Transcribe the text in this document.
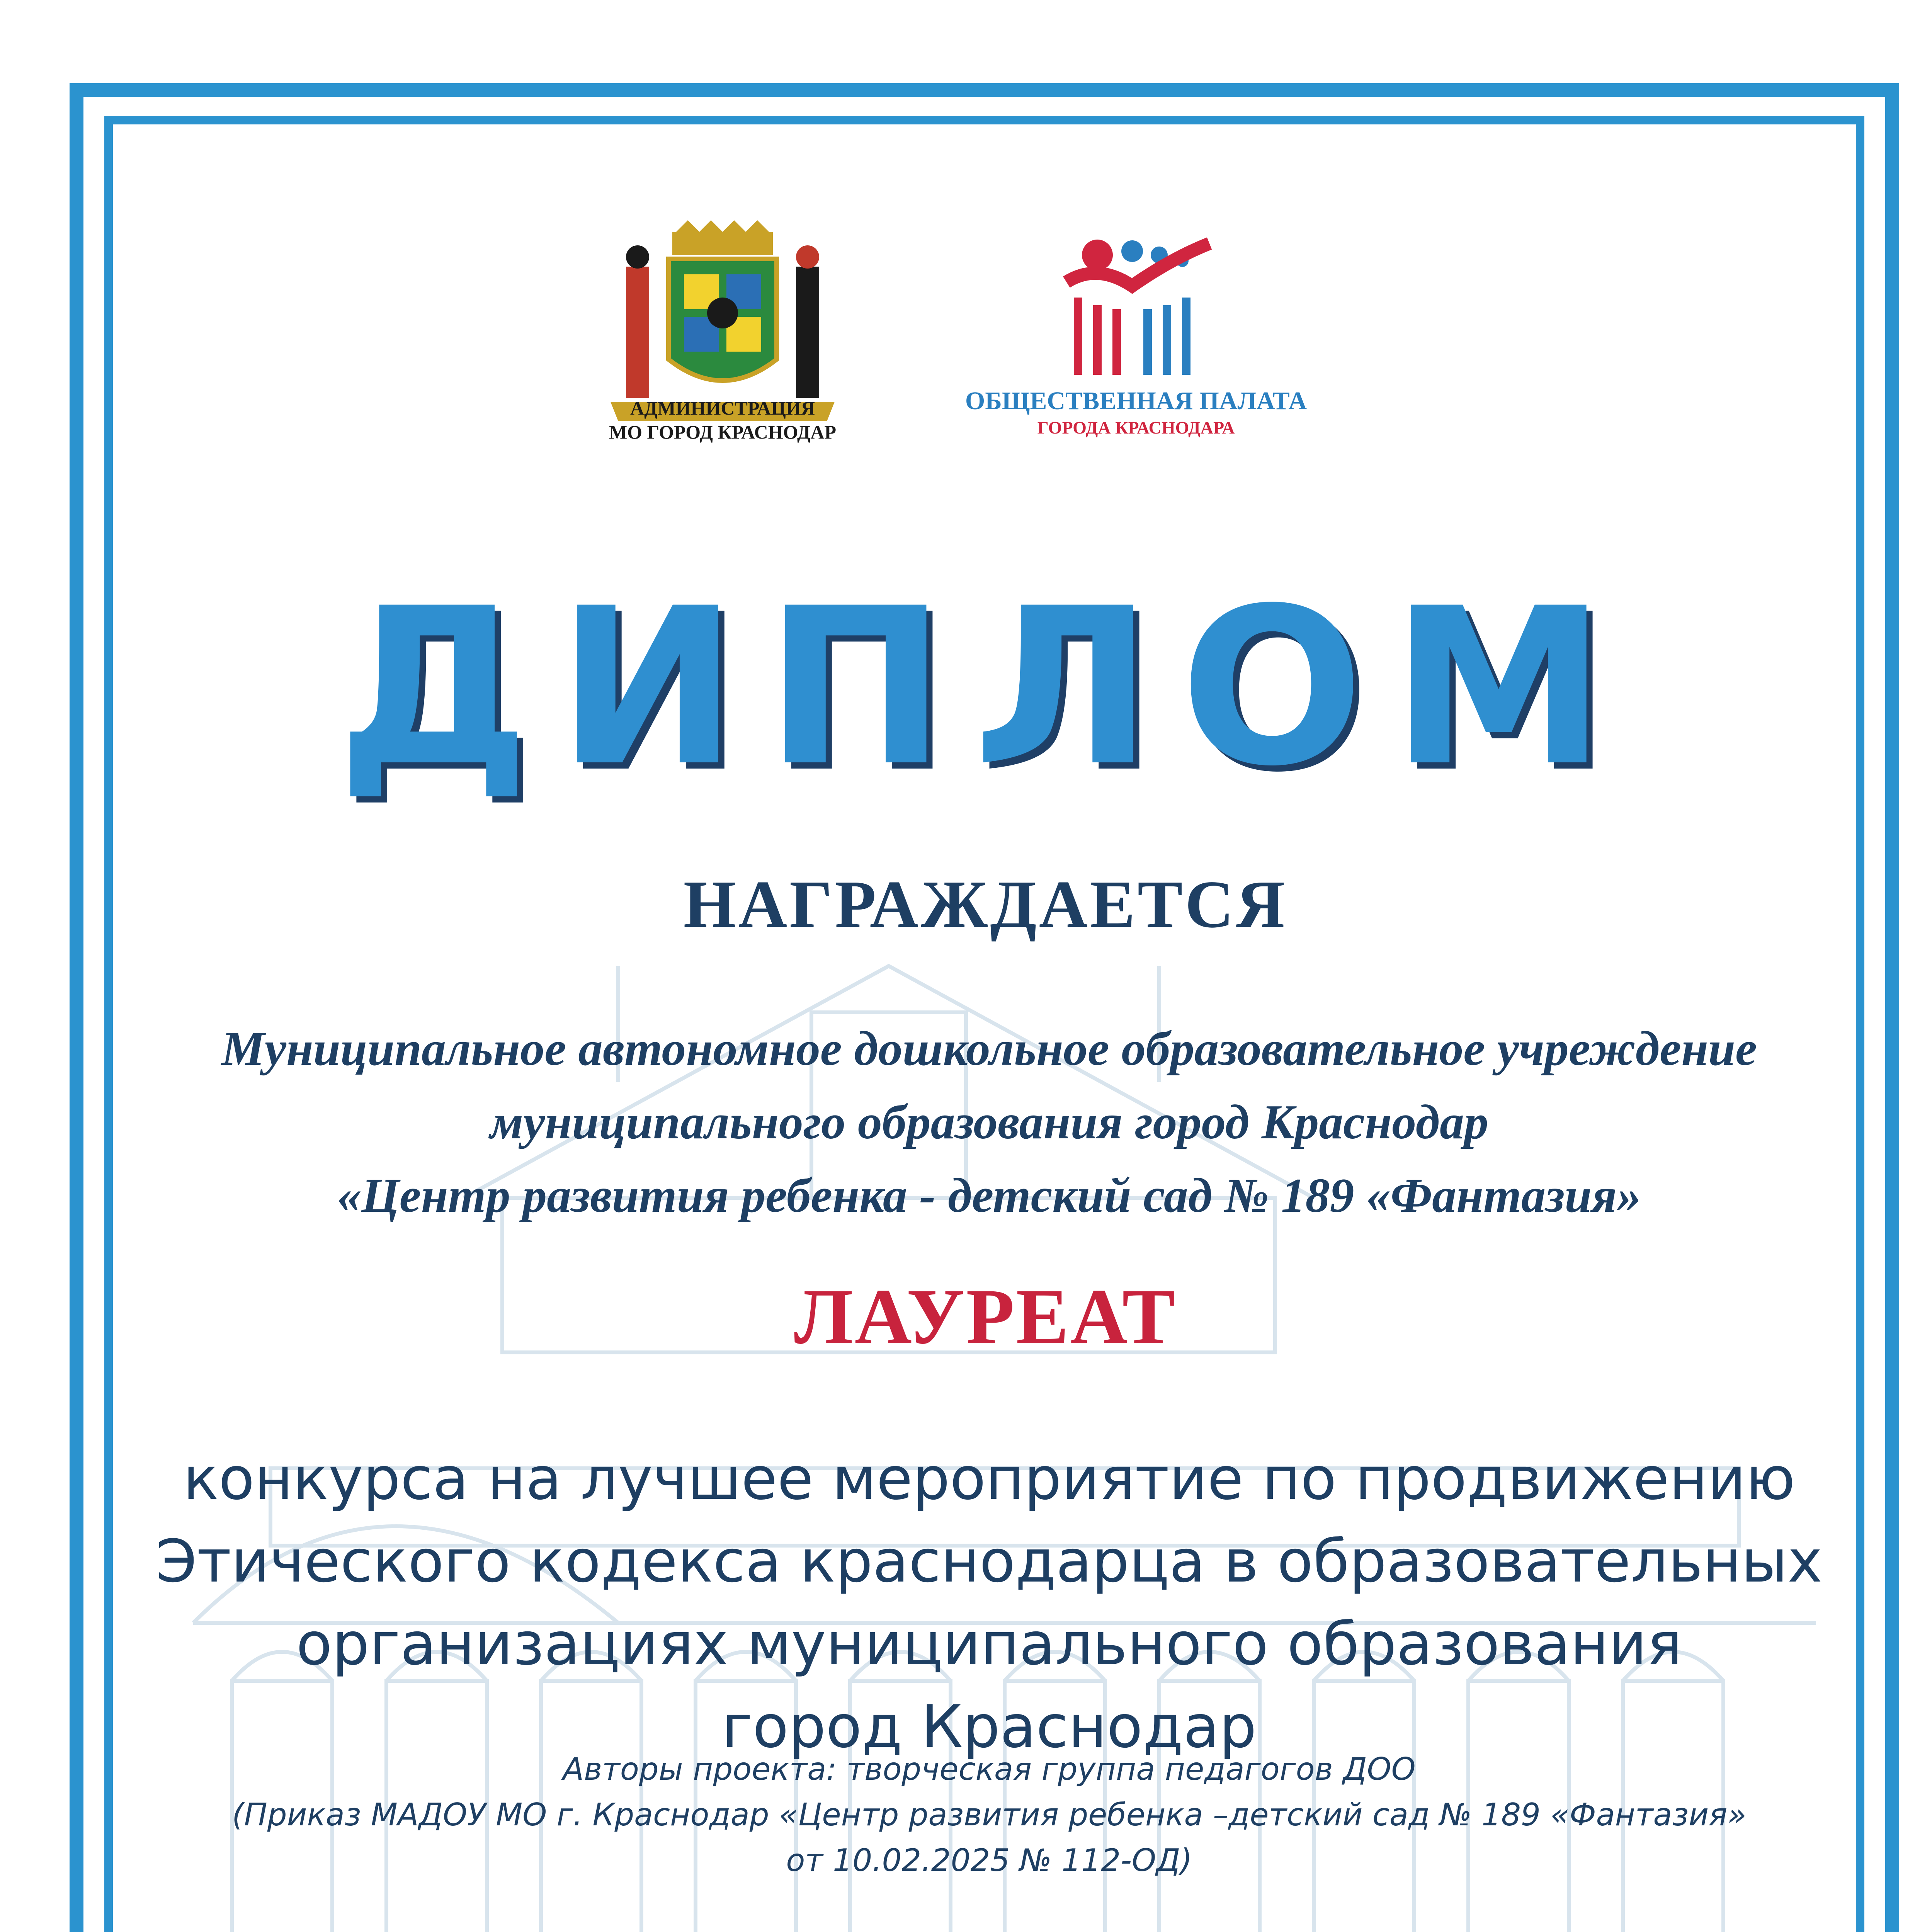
АДМИНИСТРАЦИЯ
МО ГОРОД КРАСНОДАР
ОБЩЕСТВЕННАЯ ПАЛАТА
ГОРОДА КРАСНОДАРА
ДИПЛОМ
НАГРАЖДАЕТСЯ
Муниципальное автономное дошкольное образовательное учреждение
муниципального образования город Краснодар
«Центр развития ребенка - детский сад № 189 «Фантазия»
ЛАУРЕАТ
конкурса на лучшее мероприятие по продвижению
Этического кодекса краснодарца в образовательных
организациях муниципального образования
город Краснодар
Авторы проекта: творческая группа педагогов ДОО
(Приказ МАДОУ МО г. Краснодар «Центр развития ребенка –детский сад № 189 «Фантазия»
от 10.02.2025 № 112-ОД)
